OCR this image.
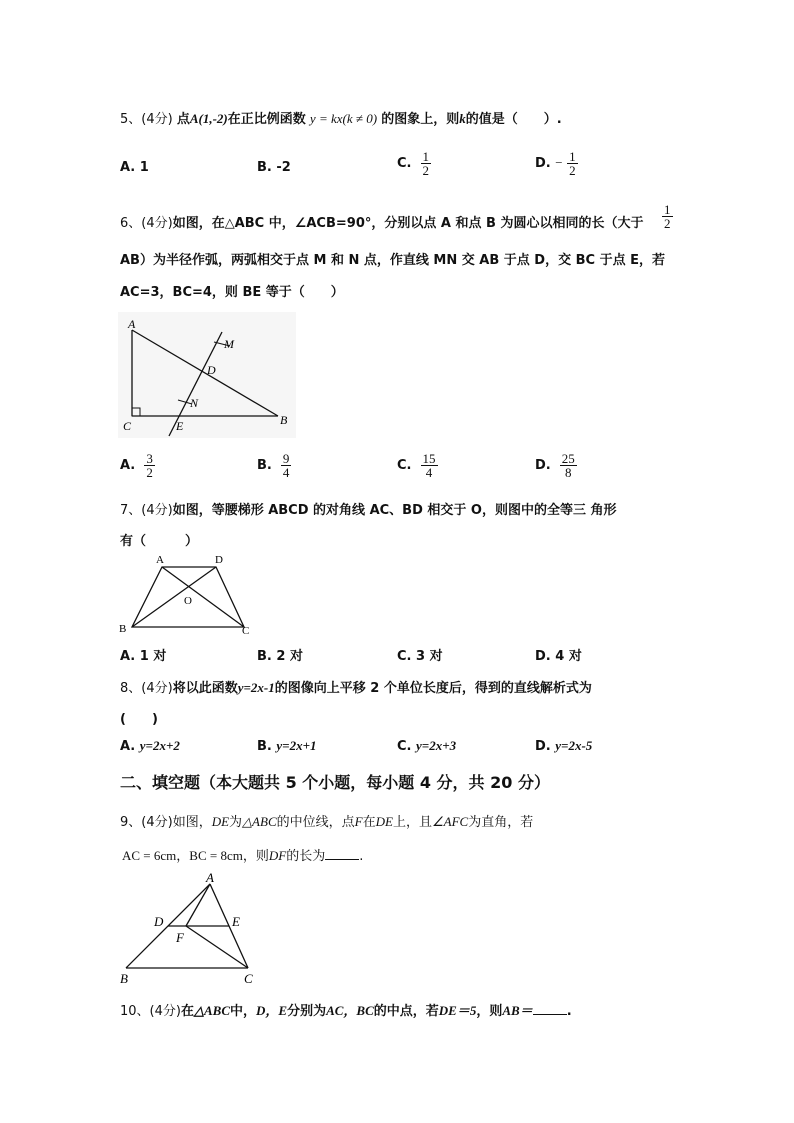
5、(4分) 点A(1,-2)在正比例函数 y = kx(k ≠ 0) 的图象上，则k的值是（　　）.
A. 1	B. -2	C. $\frac{1}{2}$	D. − $\frac{1}{2}$
6、(4分)如图，在△ABC 中，∠ACB=90°，分别以点 A 和点 B 为圆心以相同的长（大于 $\frac{1}{2}$
AB）为半径作弧，两弧相交于点 M 和 N 点，作直线 MN 交 AB 于点 D，交 BC 于点 E，若
AC=3，BC=4，则 BE 等于（　　）
A
C	B
D
E
M
N
A. $\frac{3}{2}$	B. $\frac{9}{4}$	C. $\frac{15}{4}$	D. $\frac{25}{8}$
7、(4分)如图，等腰梯形 ABCD 的对角线 AC、BD 相交于 O，则图中的全等三 角形
有（　　　）
A	D
B	C
O
A. 1 对	B. 2 对	C. 3 对	D. 4 对
8、(4分)将以此函数y=2x-1的图像向上平移 2 个单位长度后，得到的直线解析式为
(　　)
A. y=2x+2	B. y=2x+1	C. y=2x+3	D. y=2x-5
二、填空题（本大题共 5 个小题，每小题 4 分，共 20 分）
9、(4分)如图，DE为△ABC的中位线，点F在DE上，且∠AFC为直角，若
AC = 6cm，BC = 8cm，则DF的长为	.
A
D	E
F
B	C
10、(4分)在△ABC中，D，E分别为AC，BC的中点，若DE＝5，则AB＝	.
